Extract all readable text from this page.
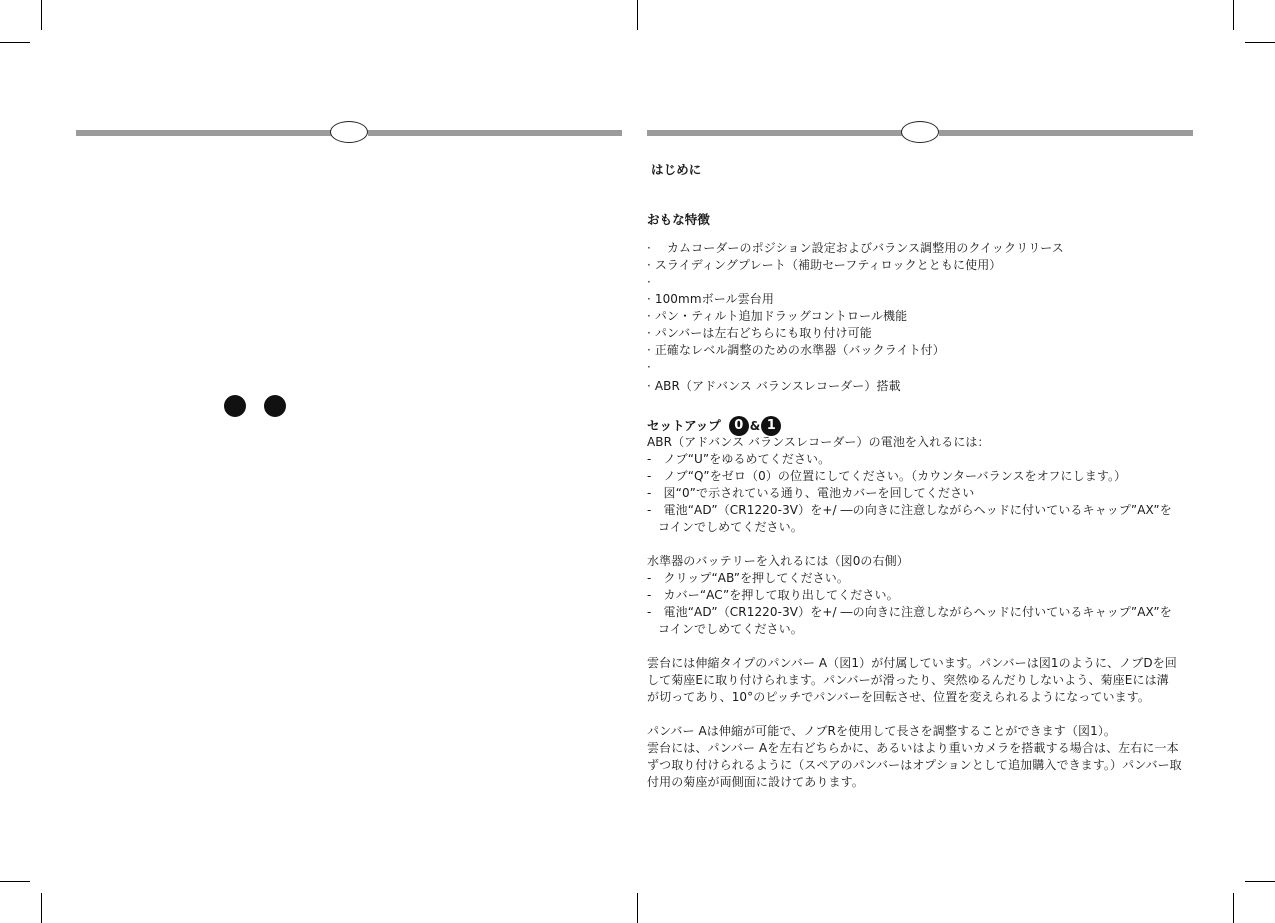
はじめに
おもな特徴
·　 カムコーダーのポジション設定およびバランス調整用のクイックリリース
· スライディングプレート（補助セーフティロックとともに使用）
·
· 100mmボール雲台用
· パン・ティルト追加ドラッグコントロール機能
· パンバーは左右どちらにも取り付け可能
· 正確なレベル調整のための水準器（バックライト付）
·
· ABR（アドバンス バランスレコーダー）搭載
セットアップ	0 & 1
ABR（アドバンス バランスレコーダー）の電池を入れるには：
-　ノブ“U”をゆるめてください。
-　ノブ“Q”をゼロ（0）の位置にしてください。（カウンターバランスをオフにします。）
-　図“0”で示されている通り、電池カバーを回してください
-　電池“AD”（CR1220-3V）を+/ ―の向きに注意しながらヘッドに付いているキャップ”AX”を
コインでしめてください。
水準器のバッテリーを入れるには（図0の右側）
-　クリップ“AB”を押してください。
-　カバー“AC”を押して取り出してください。
-　電池“AD”（CR1220-3V）を+/ ―の向きに注意しながらヘッドに付いているキャップ”AX”を
コインでしめてください。
雲台には伸縮タイプのパンバー A（図1）が付属しています。パンバーは図1のように、ノブDを回
して菊座Eに取り付けられます。パンバーが滑ったり、突然ゆるんだりしないよう、菊座Eには溝
が切ってあり、10°のピッチでパンバーを回転させ、位置を変えられるようになっています。
パンバー Aは伸縮が可能で、ノブRを使用して長さを調整することができます（図1）。
雲台には、パンバー Aを左右どちらかに、あるいはより重いカメラを搭載する場合は、左右に一本
ずつ取り付けられるように（スペアのパンバーはオプションとして追加購入できます。）パンバー取
付用の菊座が両側面に設けてあります。
